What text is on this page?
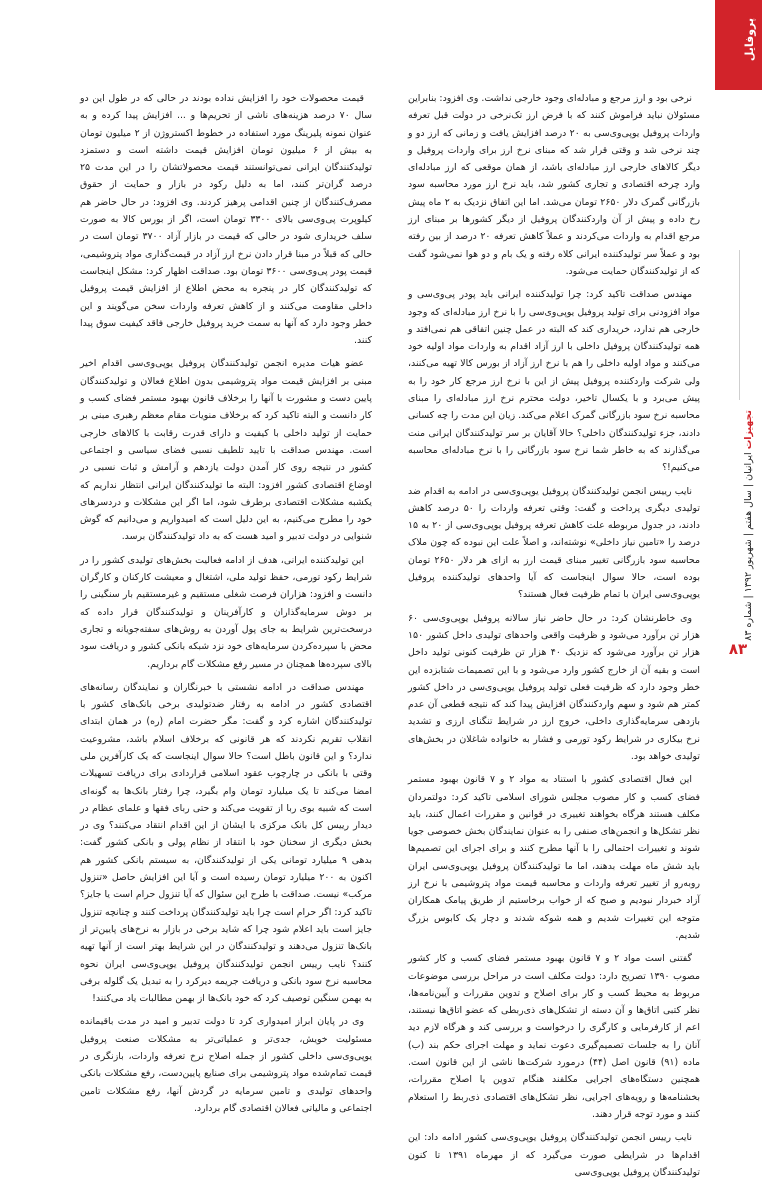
پروفایل
تجهیزات ایرانیان | سال هفتم | شهریور ۱۳۹۲ | شماره ۸۳
۸۳

نرخی بود و ارز مرجع و مبادله‌ای وجود خارجی نداشت. وی افزود: بنابراین مسئولان نباید فراموش کنند که با فرض ارز تک‌نرخی در دولت قبل تعرفه واردات پروفیل یوپی‌وی‌سی به ۲۰ درصد افزایش یافت و زمانی که ارز دو و چند نرخی شد و وقتی قرار شد که مبنای نرخ ارز برای واردات پروفیل و دیگر کالاهای خارجی ارز مبادله‌ای باشد، از همان موقعی که ارز مبادله‌ای وارد چرخه اقتصادی و تجاری کشور شد، باید نرخ ارز مورد محاسبه سود بازرگانی گمرک دلار ۲۶۵۰ تومان می‌شد. اما این اتفاق نزدیک به ۲ ماه پیش رخ داده و پیش از آن وارد‌کنندگان پروفیل از دیگر کشورها بر مبنای ارز مرجع اقدام به واردات می‌کردند و عملاً کاهش تعرفه ۲۰ درصد از بین رفته بود و عملاً سر تولیدکننده ایرانی کلاه رفته و یک بام و دو هوا نمی‌شود گفت که از تولیدکنندگان حمایت می‌شود.

مهندس صداقت تاکید کرد: چرا تولیدکننده ایرانی باید پودر پی‌وی‌سی و مواد افزودنی برای تولید پروفیل یوپی‌وی‌سی را با نرخ ارز مبادله‌ای که وجود خارجی هم ندارد، خریداری کند که البته در عمل چنین اتفاقی هم نمی‌افتد و همه تولیدکنندگان پروفیل داخلی با ارز آزاد اقدام به واردات مواد اولیه خود می‌کنند و مواد اولیه داخلی را هم با نرخ ارز آزاد از بورس کالا تهیه می‌کنند، ولی شرکت واردکننده پروفیل پیش از این با نرخ ارز مرجع کار خود را به پیش می‌برد و با یکسال تاخیر، دولت محترم نرخ ارز مبادله‌ای را مبنای محاسبه نرخ سود بازرگانی گمرک اعلام می‌کند. زیان این مدت را چه کسانی دادند، جزء تولیدکنندگان داخلی؟ حالا آقایان بر سر تولیدکنندگان ایرانی منت می‌گذارند که به خاطر شما نرخ سود بازرگانی را با نرخ مبادله‌ای محاسبه می‌کنیم!؟

نایب رییس انجمن تولیدکنندگان پروفیل یوپی‌وی‌سی در ادامه به اقدام ضد تولیدی دیگری پرداخت و گفت: وقتی تعرفه واردات را ۵۰ درصد کاهش دادند، در جدول مربوطه علت کاهش تعرفه پروفیل یوپی‌وی‌سی از ۲۰ به ۱۵ درصد را «تامین نیاز داخلی» نوشته‌اند، و اصلاً علت این نبوده که چون ملاک محاسبه سود بازرگانی تغییر مبنای قیمت ارز به ازای هر دلار ۲۶۵۰ تومان بوده است، حالا سوال اینجاست که آیا واحدهای تولیدکننده پروفیل یوپی‌وی‌سی ایران با تمام ظرفیت فعال هستند؟

وی خاطرنشان کرد: در حال حاضر نیاز سالانه پروفیل یوپی‌وی‌سی ۶۰ هزار تن برآورد می‌شود و ظرفیت واقعی واحدهای تولیدی داخل کشور ۱۵۰ هزار تن برآورد می‌شود که نزدیک ۴۰ هزار تن ظرفیت کنونی تولید داخل است و بقیه آن از خارج کشور وارد می‌شود و با این تصمیمات شتابزده این خطر وجود دارد که ظرفیت فعلی تولید پروفیل یوپی‌وی‌سی در داخل کشور کمتر هم شود و سهم واردکنندگان افزایش پیدا کند که نتیجه قطعی آن عدم بازدهی سرمایه‌گذاری داخلی، خروج ارز در شرایط تنگنای ارزی و تشدید نرخ بیکاری در شرایط رکود تورمی و فشار به خانواده شاغلان در بخش‌های تولیدی خواهد بود.

این فعال اقتصادی کشور با استناد به مواد ۲ و ۷ قانون بهبود مستمر فضای کسب و کار مصوب مجلس شورای اسلامی تاکید کرد: دولتمردان مکلف هستند هرگاه بخواهند تغییری در قوانین و مقررات اعمال کنند، باید نظر تشکل‌ها و انجمن‌های صنفی را به عنوان نمایندگان بخش خصوصی جویا شوند و تغییرات احتمالی را با آنها مطرح کنند و برای اجرای این تصمیم‌ها باید شش ماه مهلت بدهند، اما ما تولیدکنندگان پروفیل یوپی‌وی‌سی ایران روبه‌رو از تغییر تعرفه واردات و محاسبه قیمت مواد پتروشیمی با نرخ ارز آزاد خبردار نبودیم و صبح که از خواب برخاستیم از طریق پیامک همکاران متوجه این تغییرات شدیم و همه شوکه شدند و دچار یک کابوس بزرگ شدیم.

گفتنی است مواد ۲ و ۷ قانون بهبود مستمر فضای کسب و کار کشور مصوب ۱۳۹۰ تصریح دارد: دولت مکلف است در مراحل بررسی موضوعات مربوط به محیط کسب و کار برای اصلاح و تدوین مقررات و آیین‌نامه‌ها، نظر کتبی اتاق‌ها و آن دسته از تشکل‌های ذی‌ربطی که عضو اتاق‌ها نیستند، اعم از کارفرمایی و کارگری را درخواست و بررسی کند و هرگاه لازم دید آنان را به جلسات تصمیم‌گیری دعوت نماید و مهلت اجرای حکم بند (ب) ماده (۹۱) قانون اصل (۴۴) درمورد شرکت‌ها ناشی از این قانون است. همچنین دستگاه‌های اجرایی مکلفند هنگام تدوین یا اصلاح مقررات، بخشنامه‌ها و رویه‌های اجرایی، نظر تشکل‌های اقتصادی ذی‌ربط را استعلام کنند و مورد توجه قرار دهند.

نایب رییس انجمن تولیدکنندگان پروفیل یوپی‌وی‌سی کشور ادامه داد: این اقدام‌ها در شرایطی صورت می‌گیرد که از مهرماه ۱۳۹۱ تا کنون تولیدکنندگان پروفیل یوپی‌وی‌سی

قیمت محصولات خود را افزایش نداده بودند در حالی که در طول این دو سال ۷۰ درصد هزینه‌های ناشی از تحریم‌ها و ... افزایش پیدا کرده و به عنوان نمونه پلیرینگ مورد استفاده در خطوط اکستروژن از ۲ میلیون تومان به بیش از ۶ میلیون تومان افزایش قیمت داشته است و دستمزد تولیدکنندگان ایرانی نمی‌توانستند قیمت محصولاتشان را در این مدت ۲۵ درصد گران‌تر کنند، اما به دلیل رکود در بازار و حمایت از حقوق مصرف‌کنندگان از چنین اقدامی پرهیز کردند. وی افزود: در حال حاضر هم کیلوپرت پی‌وی‌سی بالای ۳۳۰۰ تومان است، اگر از بورس کالا به صورت سلف خریداری شود در حالی که قیمت در بازار آزاد ۳۷۰۰ تومان است در حالی که قبلاً در مبنا قرار دادن نرخ ارز آزاد در قیمت‌گذاری مواد پتروشیمی، قیمت پودر پی‌وی‌سی ۳۶۰۰ تومان بود. صداقت اظهار کرد: مشکل اینجاست که تولیدکنندگان کار در پنجره به محض اطلاع از افزایش قیمت پروفیل داخلی مقاومت می‌کنند و از کاهش تعرفه واردات سخن می‌گویند و این خطر وجود دارد که آنها به سمت خرید پروفیل خارجی فاقد کیفیت سوق پیدا کنند.

عضو هیات مدیره انجمن تولیدکنندگان پروفیل یوپی‌وی‌سی اقدام اخیر مبنی بر افزایش قیمت مواد پتروشیمی بدون اطلاع فعالان و تولیدکنندگان پایین دست و مشورت با آنها را برخلاف قانون بهبود مستمر فضای کسب و کار دانست و البته تاکید کرد که برخلاف منویات مقام معظم رهبری مبنی بر حمایت از تولید داخلی با کیفیت و دارای قدرت رقابت با کالاهای خارجی است. مهندس صداقت با تایید تلطیف نسبی فضای سیاسی و اجتماعی کشور در نتیجه روی کار آمدن دولت یازدهم و آرامش و ثبات نسبی در اوضاع اقتصادی کشور افزود: البته ما تولیدکنندگان ایرانی انتظار نداریم که یکشبه مشکلات اقتصادی برطرف شود، اما اگر این مشکلات و دردسرهای خود را مطرح می‌کنیم، به این دلیل است که امیدواریم و می‌دانیم که گوش شنوایی در دولت تدبیر و امید هست که به داد تولیدکنندگان برسد.

این تولیدکننده ایرانی، هدف از ادامه فعالیت بخش‌های تولیدی کشور را در شرایط رکود تورمی، حفظ تولید ملی، اشتغال و معیشت کارکنان و کارگران دانست و افزود: هزاران فرصت شغلی مستقیم و غیرمستقیم بار سنگینی را بر دوش سرمایه‌گذاران و کارآفرینان و تولیدکنندگان قرار داده که درسخت‌ترین شرایط به جای پول آوردن به روش‌های سفته‌جویانه و تجاری محض با سپرده‌کردن سرمایه‌های خود نزد شبکه بانکی کشور و دریافت سود بالای سپرده‌ها همچنان در مسیر رفع مشکلات گام برداریم.

مهندس صداقت در ادامه نشستی با خبرنگاران و نمایندگان رسانه‌های اقتصادی کشور در ادامه به رفتار ضدتولیدی برخی بانک‌های کشور با تولیدکنندگان اشاره کرد و گفت: مگر حضرت امام (ره) در همان ابتدای انقلاب تقریم نکردند که هر قانونی که برخلاف اسلام باشد، مشروعیت ندارد؟ و این قانون باطل است؟ حالا سوال اینجاست که یک کارآفرین ملی وقتی با بانکی در چارچوب عقود اسلامی قراردادی برای دریافت تسهیلات امضا می‌کند تا یک میلیارد تومان وام بگیرد، چرا رفتار بانک‌ها به گونه‌ای است که شبیه بوی ربا از تقویت می‌کند و حتی ربای فقها و علمای عظام در دیدار رییس کل بانک مرکزی با ایشان از این اقدام انتقاد می‌کنند؟ وی در بخش دیگری از سخنان خود با انتقاد از نظام پولی و بانکی کشور گفت: بدهی ۹ میلیارد تومانی یکی از تولیدکنندگان، به سیستم بانکی کشور هم اکنون به ۲۰۰ میلیارد تومان رسیده است و آیا این افزایش حاصل «تنزول مرکب» نیست. صداقت با طرح این سئوال که آیا تنزول حرام است یا جایز؟ تاکید کرد: اگر حرام است چرا باید تولیدکنندگان پرداخت کنند و چنانچه تنزول جایز است باید اعلام شود چرا که شاید برخی در بازار به نرخ‌های پایین‌تر از بانک‌ها تنزول می‌دهند و تولیدکنندگان در این شرایط بهتر است از آنها تهیه کنند؟ نایب رییس انجمن تولیدکنندگان پروفیل یوپی‌وی‌سی ایران نحوه محاسبه نرخ سود بانکی و دریافت جریمه دیرکرد را به تبدیل یک گلوله برفی به بهمن سنگین توصیف کرد که خود بانک‌ها از بهمن مطالبات یاد می‌کنند!

وی در پایان ابراز امیدواری کرد تا دولت تدبیر و امید در مدت باقیمانده مسئولیت خویش، جدی‌تر و عملیاتی‌تر به مشکلات صنعت پروفیل یوپی‌وی‌سی داخلی کشور از جمله اصلاح نرخ تعرفه واردات، بازنگری در قیمت تمام‌شده مواد پتروشیمی برای صنایع پایین‌دست، رفع مشکلات بانکی واحدهای تولیدی و تامین سرمایه در گردش آنها، رفع مشکلات تامین اجتماعی و مالیاتی فعالان اقتصادی گام بردارد.
